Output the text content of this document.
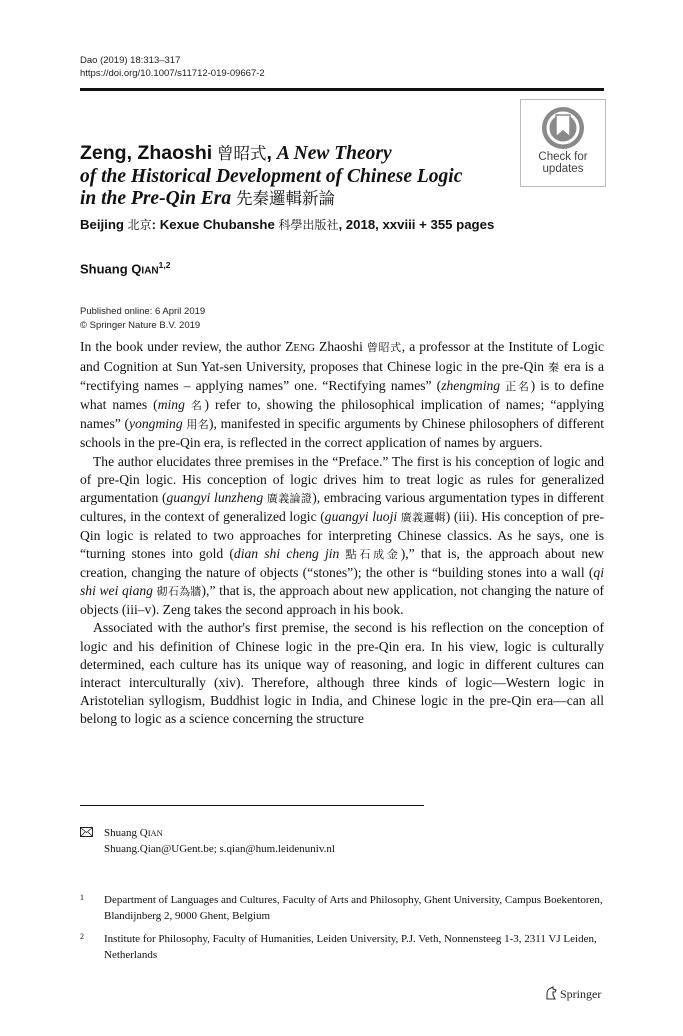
Dao (2019) 18:313–317
https://doi.org/10.1007/s11712-019-09667-2
Check for
updates
Zeng, Zhaoshi 曾昭式, A New Theory
of the Historical Development of Chinese Logic
in the Pre-Qin Era 先秦邏輯新論
Beijing 北京: Kexue Chubanshe 科學出版社, 2018, xxviii + 355 pages
Shuang QIAN$^{1,2}$
Published online: 6 April 2019
© Springer Nature B.V. 2019

In the book under review, the author ZENG Zhaoshi 曾昭式, a professor at the Institute of Logic and Cognition at Sun Yat-sen University, proposes that Chinese logic in the pre-Qin 秦 era is a “rectifying names – applying names” one. “Rectifying names” (zhengming 正名) is to define what names (ming 名) refer to, showing the philosophical implication of names; “applying names” (yongming 用名), manifested in specific arguments by Chinese philosophers of different schools in the pre-Qin era, is reflected in the correct application of names by arguers.

The author elucidates three premises in the “Preface.” The first is his conception of logic and of pre-Qin logic. His conception of logic drives him to treat logic as rules for generalized argumentation (guangyi lunzheng 廣義論證), embracing various argumentation types in different cultures, in the context of generalized logic (guangyi luoji 廣義邏輯) (iii). His conception of pre-Qin logic is related to two approaches for interpreting Chinese classics. As he says, one is “turning stones into gold (dian shi cheng jin 點石成金),” that is, the approach about new creation, changing the nature of objects (“stones”); the other is “building stones into a wall (qi shi wei qiang 砌石為牆),” that is, the approach about new application, not changing the nature of objects (iii–v). Zeng takes the second approach in his book.

Associated with the author's first premise, the second is his reflection on the conception of logic and his definition of Chinese logic in the pre-Qin era. In his view, logic is culturally determined, each culture has its unique way of reasoning, and logic in different cultures can interact interculturally (xiv). Therefore, although three kinds of logic—Western logic in Aristotelian syllogism, Buddhist logic in India, and Chinese logic in the pre-Qin era—can all belong to logic as a science concerning the structure

Shuang QIAN
Shuang.Qian@UGent.be; s.qian@hum.leidenuniv.nl
1 Department of Languages and Cultures, Faculty of Arts and Philosophy, Ghent University, Campus Boekentoren, Blandijnberg 2, 9000 Ghent, Belgium
2 Institute for Philosophy, Faculty of Humanities, Leiden University, P.J. Veth, Nonnensteeg 1-3, 2311 VJ Leiden, Netherlands
Springer
